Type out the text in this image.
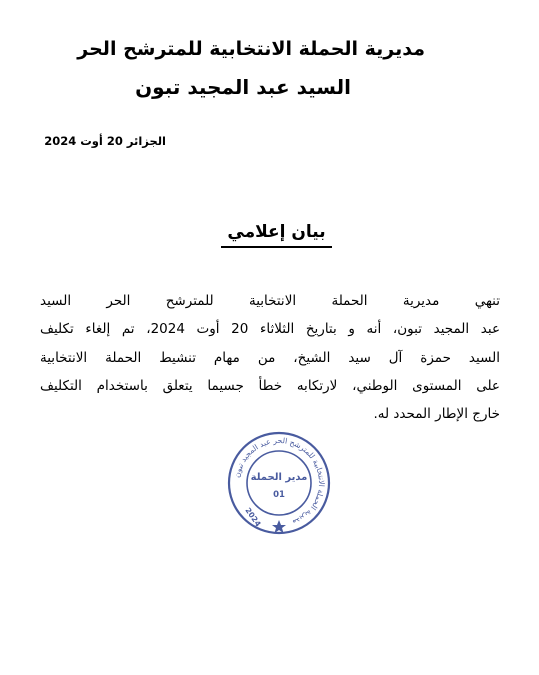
مديرية الحملة الانتخابية للمترشح الحر
السيد عبد المجيد تبون
الجزائر 20 أوت 2024
بيان إعلامي
تنهي مديرية الحملة الانتخابية للمترشح الحر السيد
عبد المجيد تبون، أنه و بتاريخ الثلاثاء 20 أوت 2024، تم إلغاء تكليف
السيد حمزة آل سيد الشيخ، من مهام تنشيط الحملة الانتخابية
على المستوى الوطني، لارتكابه خطأ جسيما يتعلق باستخدام التكليف
خارج الإطار المحدد له.
مديرية الحملة الانتخابية للمترشح الحر عبد المجيد تبون
مدير الحملة
01
2024
